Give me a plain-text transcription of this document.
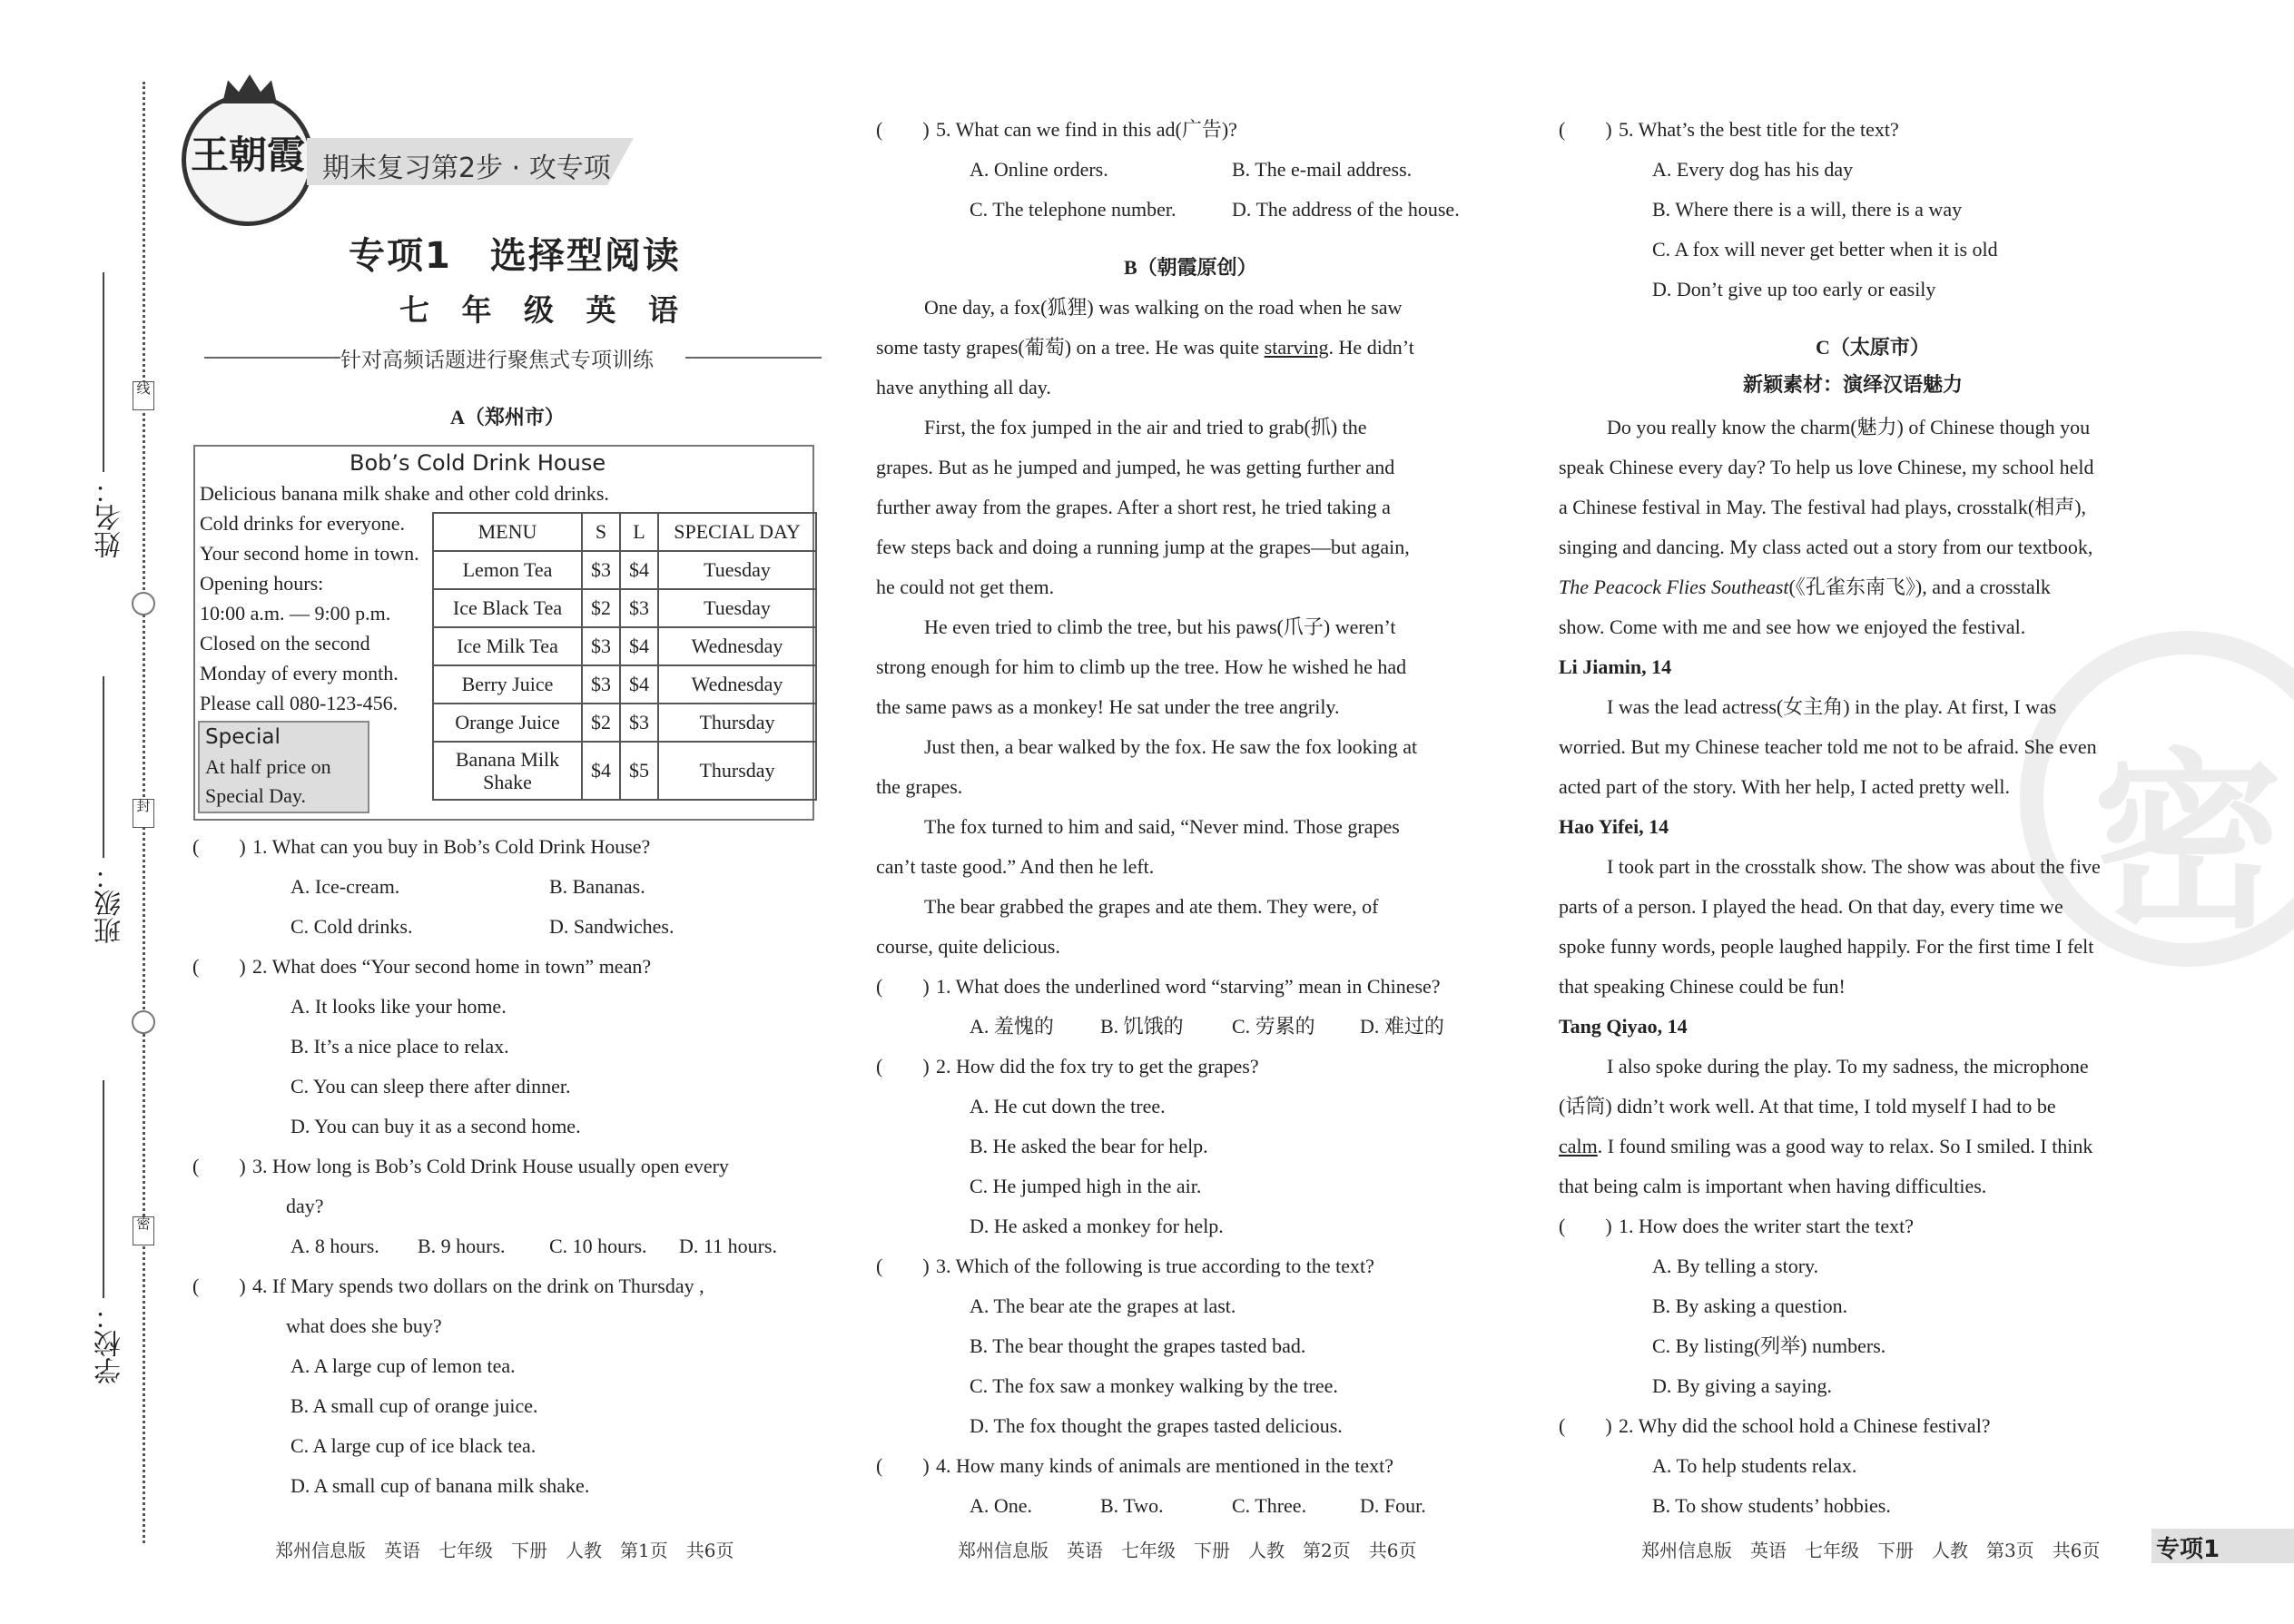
姓名：
班级：
学校：
线
封
密
王朝霞 期末复习第2步 · 攻专项
专项1　选择型阅读
七 年 级 英 语
针对高频话题进行聚焦式专项训练
A（郑州市）
Bob’s Cold Drink House
Delicious banana milk shake and other cold drinks.
Cold drinks for everyone.
Your second home in town.
Opening hours:
10:00 a.m. — 9:00 p.m.
Closed on the second
Monday of every month.
Please call 080-123-456.
Special
At half price on
Special Day.
MENU	S	L	SPECIAL DAY
Lemon Tea	$3	$4	Tuesday
Ice Black Tea	$2	$3	Tuesday
Ice Milk Tea	$3	$4	Wednesday
Berry Juice	$3	$4	Wednesday
Orange Juice	$2	$3	Thursday
Banana Milk Shake	$4	$5	Thursday
(　　) 1. What can you buy in Bob’s Cold Drink House?
A. Ice-cream.	B. Bananas.
C. Cold drinks.	D. Sandwiches.
(　　) 2. What does “Your second home in town” mean?
A. It looks like your home.
B. It’s a nice place to relax.
C. You can sleep there after dinner.
D. You can buy it as a second home.
(　　) 3. How long is Bob’s Cold Drink House usually open every
day?
A. 8 hours. B. 9 hours. C. 10 hours. D. 11 hours.
(　　) 4. If Mary spends two dollars on the drink on Thursday ,
what does she buy?
A. A large cup of lemon tea.
B. A small cup of orange juice.
C. A large cup of ice black tea.
D. A small cup of banana milk shake.
郑州信息版　英语　七年级　下册　人教　第1页　共6页
(　　) 5. What can we find in this ad(广告)?
A. Online orders.	B. The e-mail address.
C. The telephone number.	D. The address of the house.
B（朝霞原创）
One day, a fox(狐狸) was walking on the road when he saw
some tasty grapes(葡萄) on a tree. He was quite starving. He didn’t
have anything all day.
First, the fox jumped in the air and tried to grab(抓) the
grapes. But as he jumped and jumped, he was getting further and
further away from the grapes. After a short rest, he tried taking a
few steps back and doing a running jump at the grapes—but again,
he could not get them.
He even tried to climb the tree, but his paws(爪子) weren’t
strong enough for him to climb up the tree. How he wished he had
the same paws as a monkey! He sat under the tree angrily.
Just then, a bear walked by the fox. He saw the fox looking at
the grapes.
The fox turned to him and said, “Never mind. Those grapes
can’t taste good.” And then he left.
The bear grabbed the grapes and ate them. They were, of
course, quite delicious.
(　　) 1. What does the underlined word “starving” mean in Chinese?
A. 羞愧的 B. 饥饿的 C. 劳累的 D. 难过的
(　　) 2. How did the fox try to get the grapes?
A. He cut down the tree.
B. He asked the bear for help.
C. He jumped high in the air.
D. He asked a monkey for help.
(　　) 3. Which of the following is true according to the text?
A. The bear ate the grapes at last.
B. The bear thought the grapes tasted bad.
C. The fox saw a monkey walking by the tree.
D. The fox thought the grapes tasted delicious.
(　　) 4. How many kinds of animals are mentioned in the text?
A. One.	B. Two.	C. Three.	D. Four.
郑州信息版　英语　七年级　下册　人教　第2页　共6页
密
(　　) 5. What’s the best title for the text?
A. Every dog has his day
B. Where there is a will, there is a way
C. A fox will never get better when it is old
D. Don’t give up too early or easily
C（太原市）
新颖素材：演绎汉语魅力
Do you really know the charm(魅力) of Chinese though you
speak Chinese every day? To help us love Chinese, my school held
a Chinese festival in May. The festival had plays, crosstalk(相声),
singing and dancing. My class acted out a story from our textbook,
The Peacock Flies Southeast(《孔雀东南飞》), and a crosstalk
show. Come with me and see how we enjoyed the festival.
Li Jiamin, 14
I was the lead actress(女主角) in the play. At first, I was
worried. But my Chinese teacher told me not to be afraid. She even
acted part of the story. With her help, I acted pretty well.
Hao Yifei, 14
I took part in the crosstalk show. The show was about the five
parts of a person. I played the head. On that day, every time we
spoke funny words, people laughed happily. For the first time I felt
that speaking Chinese could be fun!
Tang Qiyao, 14
I also spoke during the play. To my sadness, the microphone
(话筒) didn’t work well. At that time, I told myself I had to be
calm. I found smiling was a good way to relax. So I smiled. I think
that being calm is important when having difficulties.
(　　) 1. How does the writer start the text?
A. By telling a story.
B. By asking a question.
C. By listing(列举) numbers.
D. By giving a saying.
(　　) 2. Why did the school hold a Chinese festival?
A. To help students relax.
B. To show students’ hobbies.
郑州信息版　英语　七年级　下册　人教　第3页　共6页 专项1
